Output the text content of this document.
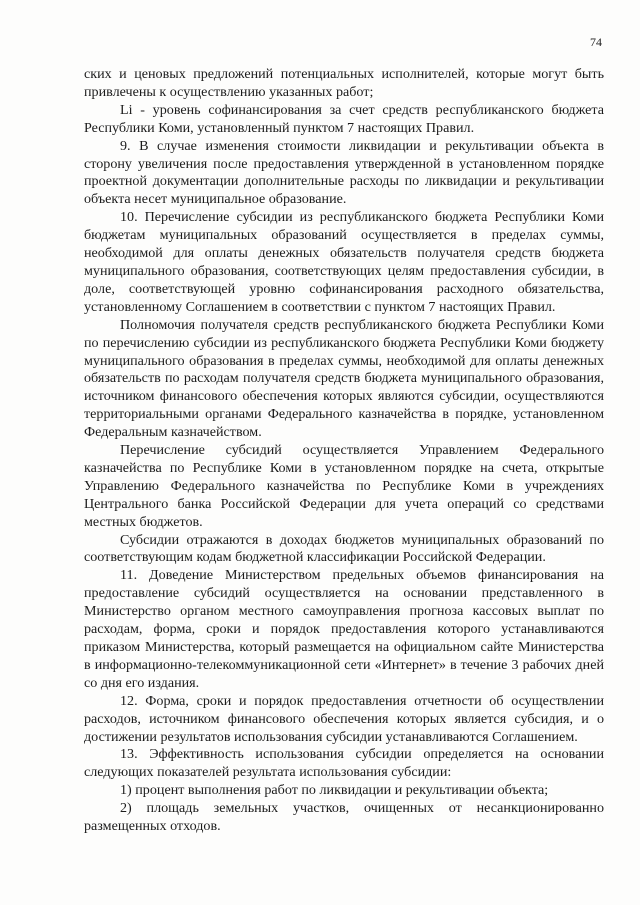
74

ских и ценовых предложений потенциальных исполнителей, которые могут быть привлечены к осуществлению указанных работ;

Li - уровень софинансирования за счет средств республиканского бюджета Республики Коми, установленный пунктом 7 настоящих Правил.

9. В случае изменения стоимости ликвидации и рекультивации объекта в сторону увеличения после предоставления утвержденной в установленном порядке проектной документации дополнительные расходы по ликвидации и рекультивации объекта несет муниципальное образование.

10. Перечисление субсидии из республиканского бюджета Республики Коми бюджетам муниципальных образований осуществляется в пределах суммы, необходимой для оплаты денежных обязательств получателя средств бюджета муниципального образования, соответствующих целям предоставления субсидии, в доле, соответствующей уровню софинансирования расходного обязательства, установленному Соглашением в соответствии с пунктом 7 настоящих Правил.

Полномочия получателя средств республиканского бюджета Республики Коми по перечислению субсидии из республиканского бюджета Республики Коми бюджету муниципального образования в пределах суммы, необходимой для оплаты денежных обязательств по расходам получателя средств бюджета муниципального образования, источником финансового обеспечения которых являются субсидии, осуществляются территориальными органами Федерального казначейства в порядке, установленном Федеральным казначейством.

Перечисление субсидий осуществляется Управлением Федерального казначейства по Республике Коми в установленном порядке на счета, открытые Управлению Федерального казначейства по Республике Коми в учреждениях Центрального банка Российской Федерации для учета операций со средствами местных бюджетов.

Субсидии отражаются в доходах бюджетов муниципальных образований по соответствующим кодам бюджетной классификации Российской Федерации.

11. Доведение Министерством предельных объемов финансирования на предоставление субсидий осуществляется на основании представленного в Министерство органом местного самоуправления прогноза кассовых выплат по расходам, форма, сроки и порядок предоставления которого устанавливаются приказом Министерства, который размещается на официальном сайте Министерства в информационно-телекоммуникационной сети «Интернет» в течение 3 рабочих дней со дня его издания.

12. Форма, сроки и порядок предоставления отчетности об осуществлении расходов, источником финансового обеспечения которых является субсидия, и о достижении результатов использования субсидии устанавливаются Соглашением.

13. Эффективность использования субсидии определяется на основании следующих показателей результата использования субсидии:

1) процент выполнения работ по ликвидации и рекультивации объекта;

2) площадь земельных участков, очищенных от несанкционированно размещенных отходов.
